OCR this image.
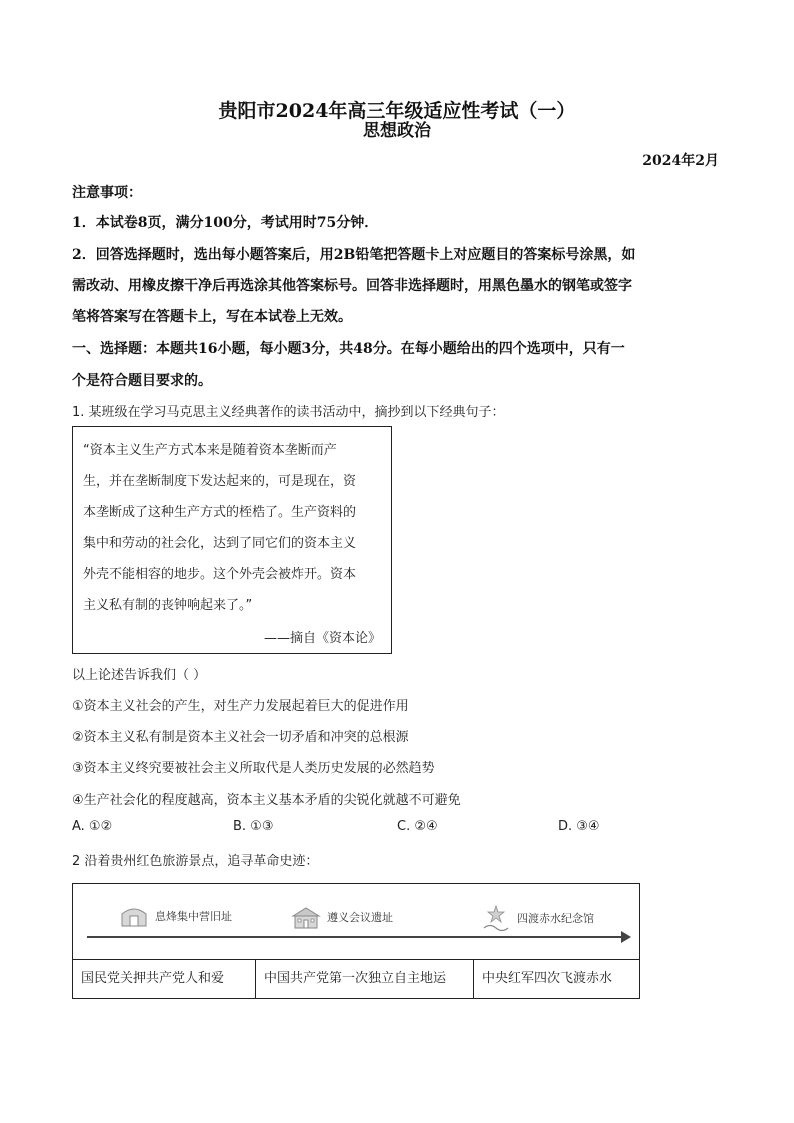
贵阳市2024年高三年级适应性考试（一）
思想政治
2024年2月
注意事项：
1．本试卷8页，满分100分，考试用时75分钟．
2．回答选择题时，选出每小题答案后，用2B铅笔把答题卡上对应题目的答案标号涂黑，如
需改动、用橡皮擦干净后再选涂其他答案标号。回答非选择题时，用黑色墨水的钢笔或签字
笔将答案写在答题卡上，写在本试卷上无效。
一、选择题：本题共16小题，每小题3分，共48分。在每小题给出的四个选项中，只有一
个是符合题目要求的。
1. 某班级在学习马克思主义经典著作的读书活动中，摘抄到以下经典句子：
“资本主义生产方式本来是随着资本垄断而产
生，并在垄断制度下发达起来的，可是现在，资
本垄断成了这种生产方式的桎梏了。生产资料的
集中和劳动的社会化，达到了同它们的资本主义
外壳不能相容的地步。这个外壳会被炸开。资本
主义私有制的丧钟响起来了。”
——摘自《资本论》
以上论述告诉我们（ ）
①资本主义社会的产生，对生产力发展起着巨大的促进作用
②资本主义私有制是资本主义社会一切矛盾和冲突的总根源
③资本主义终究要被社会主义所取代是人类历史发展的必然趋势
④生产社会化的程度越高，资本主义基本矛盾的尖锐化就越不可避免
A. ①②	B. ①③	C. ②④	D. ③④
2 沿着贵州红色旅游景点，追寻革命史迹：
息烽集中营旧址	遵义会议遗址	四渡赤水纪念馆
国民党关押共产党人和爱	中国共产党第一次独立自主地运	中央红军四次飞渡赤水
